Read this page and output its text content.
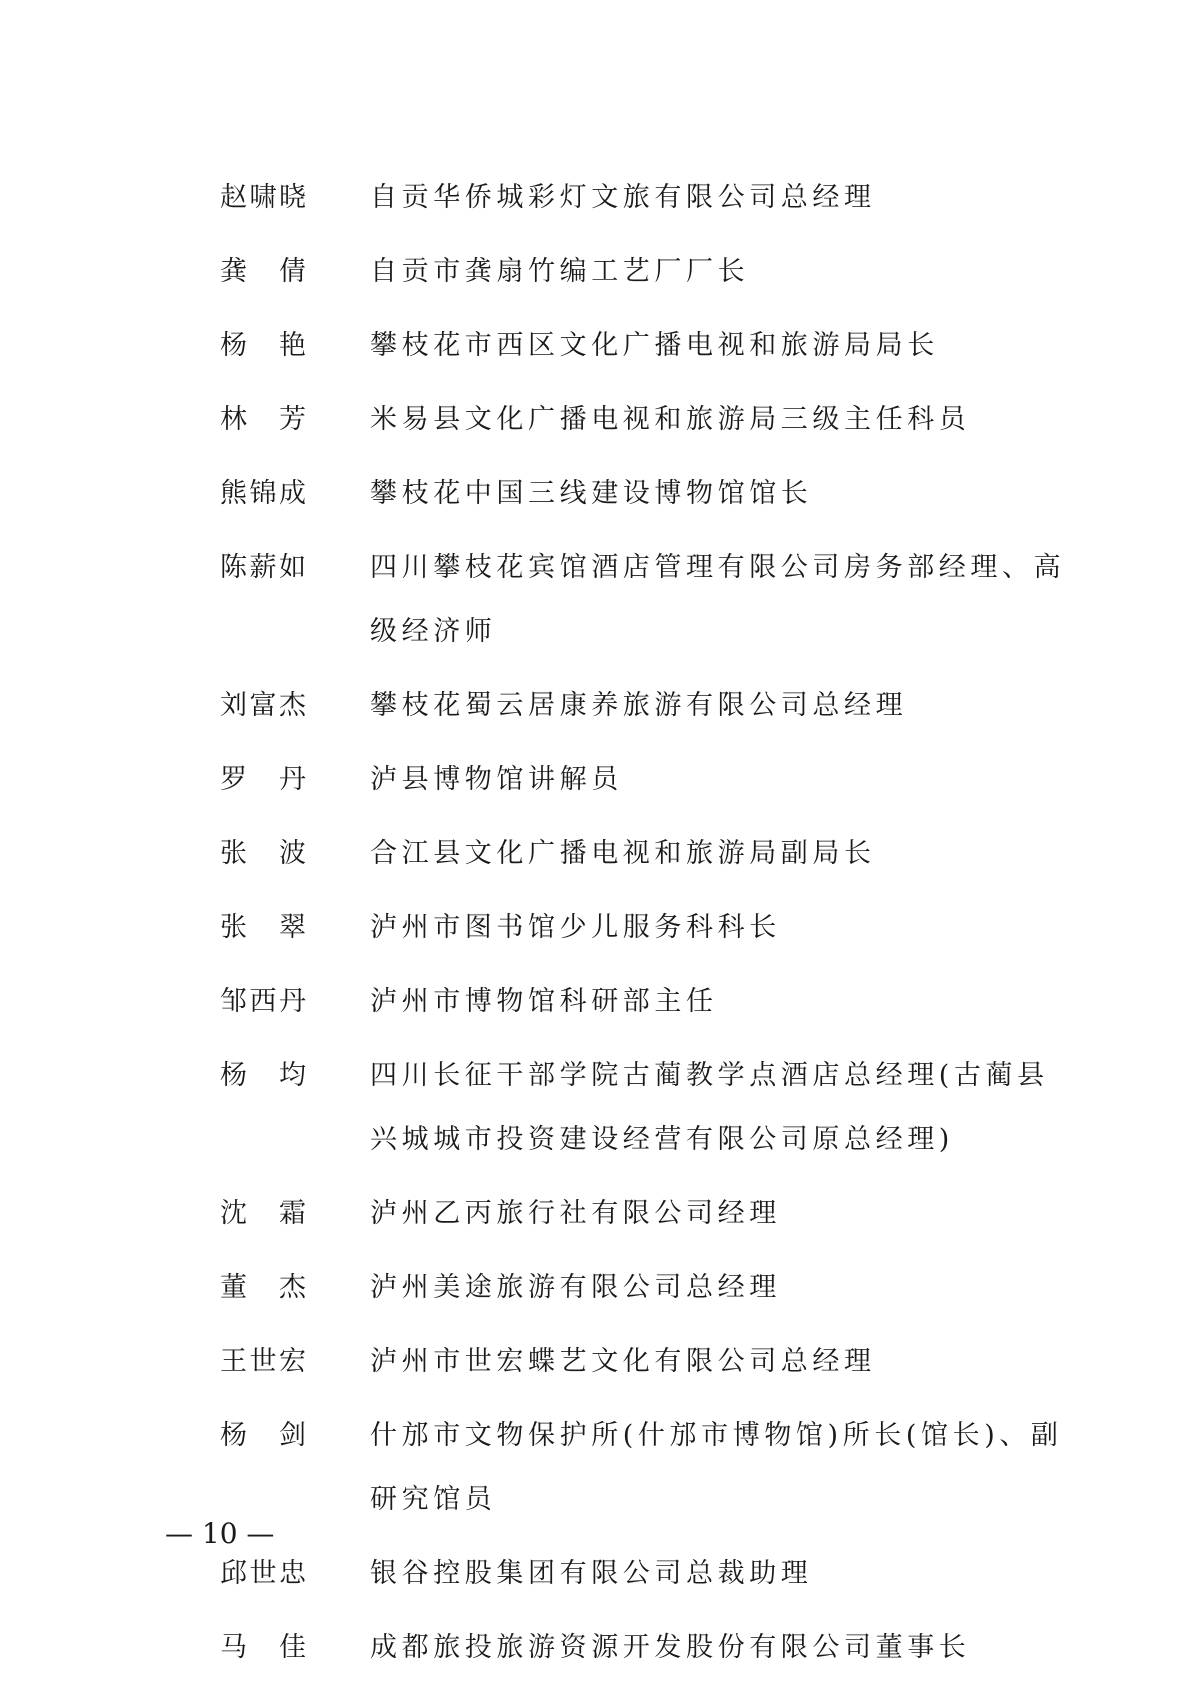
赵 啸 晓 自贡华侨城彩灯文旅有限公司总经理
龚 倩 自贡市龚扇竹编工艺厂厂长
杨 艳 攀枝花市西区文化广播电视和旅游局局长
林 芳 米易县文化广播电视和旅游局三级主任科员
熊 锦 成 攀枝花中国三线建设博物馆馆长
陈 薪 如 四川攀枝花宾馆酒店管理有限公司房务部经理、高级经济师
刘 富 杰 攀枝花蜀云居康养旅游有限公司总经理
罗 丹 泸县博物馆讲解员
张 波 合江县文化广播电视和旅游局副局长
张 翠 泸州市图书馆少儿服务科科长
邹 西 丹 泸州市博物馆科研部主任
杨 均 四川长征干部学院古蔺教学点酒店总经理(古蔺县兴城城市投资建设经营有限公司原总经理)
沈 霜 泸州乙丙旅行社有限公司经理
董 杰 泸州美途旅游有限公司总经理
王 世 宏 泸州市世宏蝶艺文化有限公司总经理
杨 剑 什邡市文物保护所(什邡市博物馆)所长(馆长)、副研究馆员
邱 世 忠 银谷控股集团有限公司总裁助理
马 佳 成都旅投旅游资源开发股份有限公司董事长
— 10 —
